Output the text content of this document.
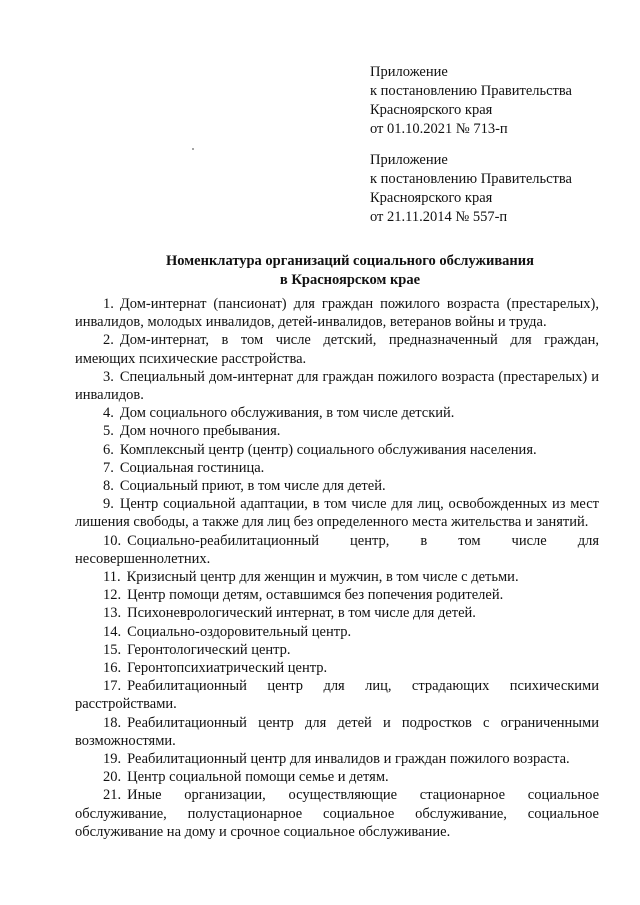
Приложение
к постановлению Правительства
Красноярского края
от 01.10.2021 № 713-п
Приложение
к постановлению Правительства
Красноярского края
от 21.11.2014 № 557-п
Номенклатура организаций социального обслуживания
в Красноярском крае

1. Дом-интернат (пансионат) для граждан пожилого возраста (престарелых), инвалидов, молодых инвалидов, детей-инвалидов, ветеранов войны и труда.

2. Дом-интернат, в том числе детский, предназначенный для граждан, имеющих психические расстройства.

3. Специальный дом-интернат для граждан пожилого возраста (престарелых) и инвалидов.

4. Дом социального обслуживания, в том числе детский.

5. Дом ночного пребывания.

6. Комплексный центр (центр) социального обслуживания населения.

7. Социальная гостиница.

8. Социальный приют, в том числе для детей.

9. Центр социальной адаптации, в том числе для лиц, освобожденных из мест лишения свободы, а также для лиц без определенного места жительства и занятий.

10. Социально-реабилитационный центр, в том числе для несовершеннолетних.

11. Кризисный центр для женщин и мужчин, в том числе с детьми.

12. Центр помощи детям, оставшимся без попечения родителей.

13. Психоневрологический интернат, в том числе для детей.

14. Социально-оздоровительный центр.

15. Геронтологический центр.

16. Геронтопсихиатрический центр.

17. Реабилитационный центр для лиц, страдающих психическими расстройствами.

18. Реабилитационный центр для детей и подростков с ограниченными возможностями.

19. Реабилитационный центр для инвалидов и граждан пожилого возраста.

20. Центр социальной помощи семье и детям.

21. Иные организации, осуществляющие стационарное социальное обслуживание, полустационарное социальное обслуживание, социальное обслуживание на дому и срочное социальное обслуживание.
